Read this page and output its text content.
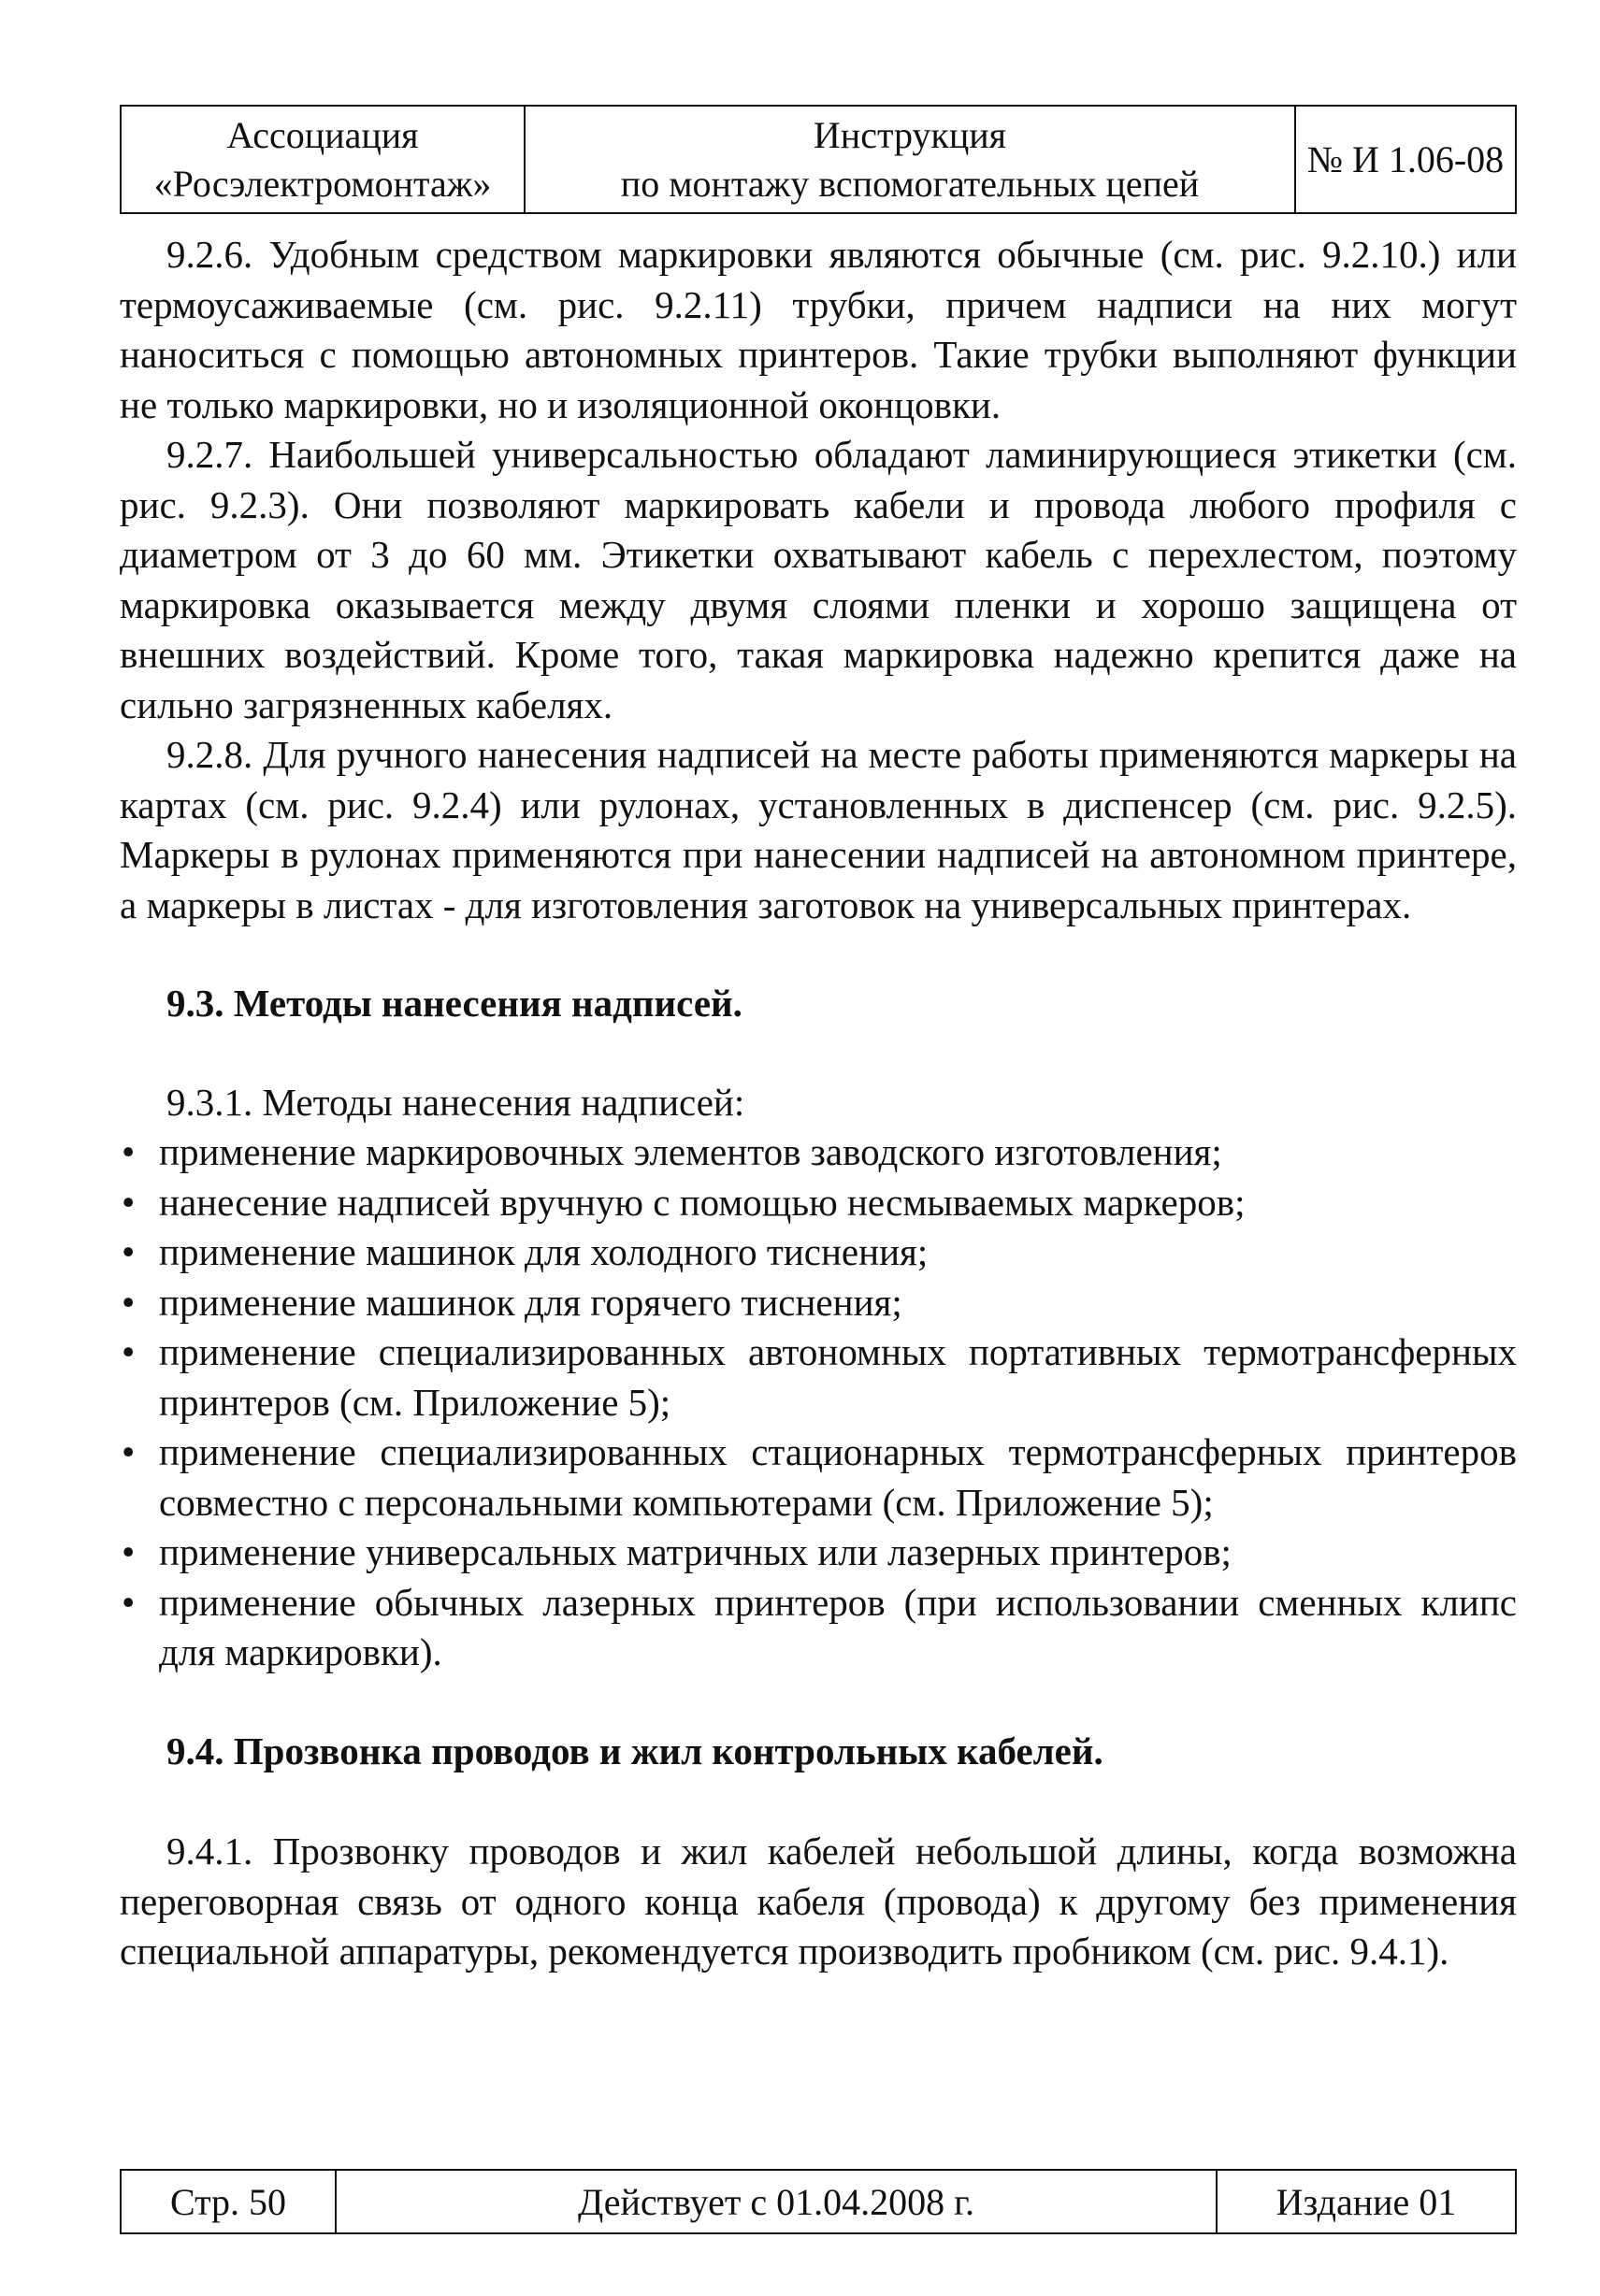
Ассоциация
«Росэлектромонтаж»
Инструкция
по монтажу вспомогательных цепей
№ И 1.06-08

9.2.6. Удобным средством маркировки являются обычные (см. рис. 9.2.10.) или термоусаживаемые (см. рис. 9.2.11) трубки, причем надписи на них могут наноситься с помощью автономных принтеров. Такие трубки выполняют функции не только маркировки, но и изоляционной оконцовки.

9.2.7. Наибольшей универсальностью обладают ламинирующиеся этикетки (см. рис. 9.2.3). Они позволяют маркировать кабели и провода любого профиля с диаметром от 3 до 60 мм. Этикетки охватывают кабель с перехлестом, поэтому маркировка оказывается между двумя слоями пленки и хорошо защищена от внешних воздействий. Кроме того, такая маркировка надежно крепится даже на сильно загрязненных кабелях.

9.2.8. Для ручного нанесения надписей на месте работы применяются маркеры на картах (см. рис. 9.2.4) или рулонах, установленных в диспенсер (см. рис. 9.2.5). Маркеры в рулонах применяются при нанесении надписей на автономном принтере, а маркеры в листах - для изготовления заготовок на универсальных принтерах.

9.3. Методы нанесения надписей.

9.3.1. Методы нанесения надписей:

• применение маркировочных элементов заводского изготовления;
• нанесение надписей вручную с помощью несмываемых маркеров;
• применение машинок для холодного тиснения;
• применение машинок для горячего тиснения;
• применение специализированных автономных портативных термотрансферных принтеров (см. Приложение 5);
• применение специализированных стационарных термотрансферных принтеров совместно с персональными компьютерами (см. Приложение 5);
• применение универсальных матричных или лазерных принтеров;
• применение обычных лазерных принтеров (при использовании сменных клипс для маркировки).
9.4. Прозвонка проводов и жил контрольных кабелей.

9.4.1. Прозвонку проводов и жил кабелей небольшой длины, когда возможна переговорная связь от одного конца кабеля (провода) к другому без применения специальной аппаратуры, рекомендуется производить пробником (см. рис. 9.4.1).

Стр. 50	Действует с 01.04.2008 г.	Издание 01
